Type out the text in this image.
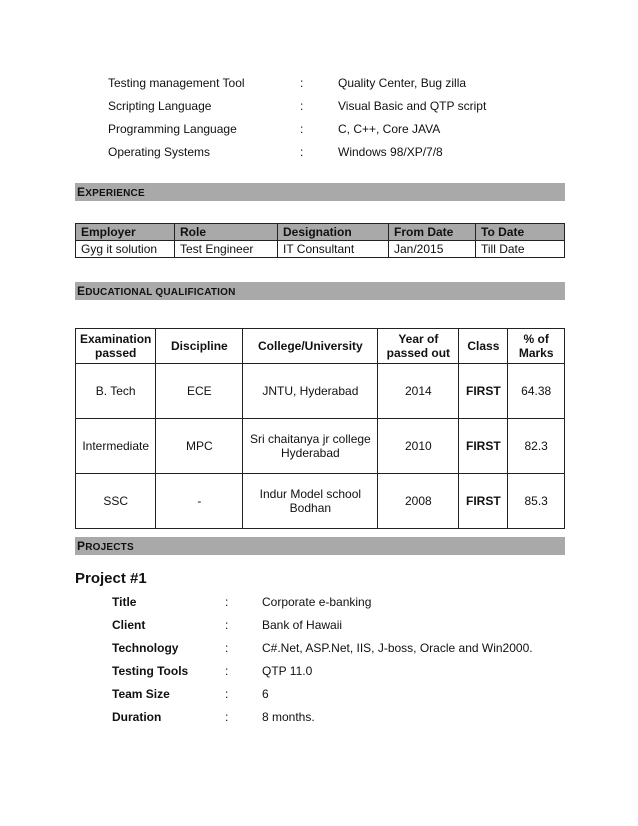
Testing management Tool	:	Quality Center, Bug zilla
Scripting Language	:	Visual Basic and QTP script
Programming Language	:	C, C++, Core JAVA
Operating Systems	:	Windows 98/XP/7/8
EXPERIENCE
Employer	Role	Designation	From Date	To Date
Gyg it solution	Test Engineer	IT Consultant	Jan/2015	Till Date
EDUCATIONAL QUALIFICATION
Examination passed	Discipline	College/University	Year of passed out	Class	% of Marks
B. Tech	ECE	JNTU, Hyderabad	2014	FIRST	64.38
Intermediate	MPC	Sri chaitanya jr college Hyderabad	2010	FIRST	82.3
SSC	-	Indur Model school Bodhan	2008	FIRST	85.3
PROJECTS
Project #1
Title	:	Corporate e-banking
Client	:	Bank of Hawaii
Technology	:	C#.Net, ASP.Net, IIS, J-boss, Oracle and Win2000.
Testing Tools	:	QTP 11.0
Team Size	:	6
Duration	:	8 months.
